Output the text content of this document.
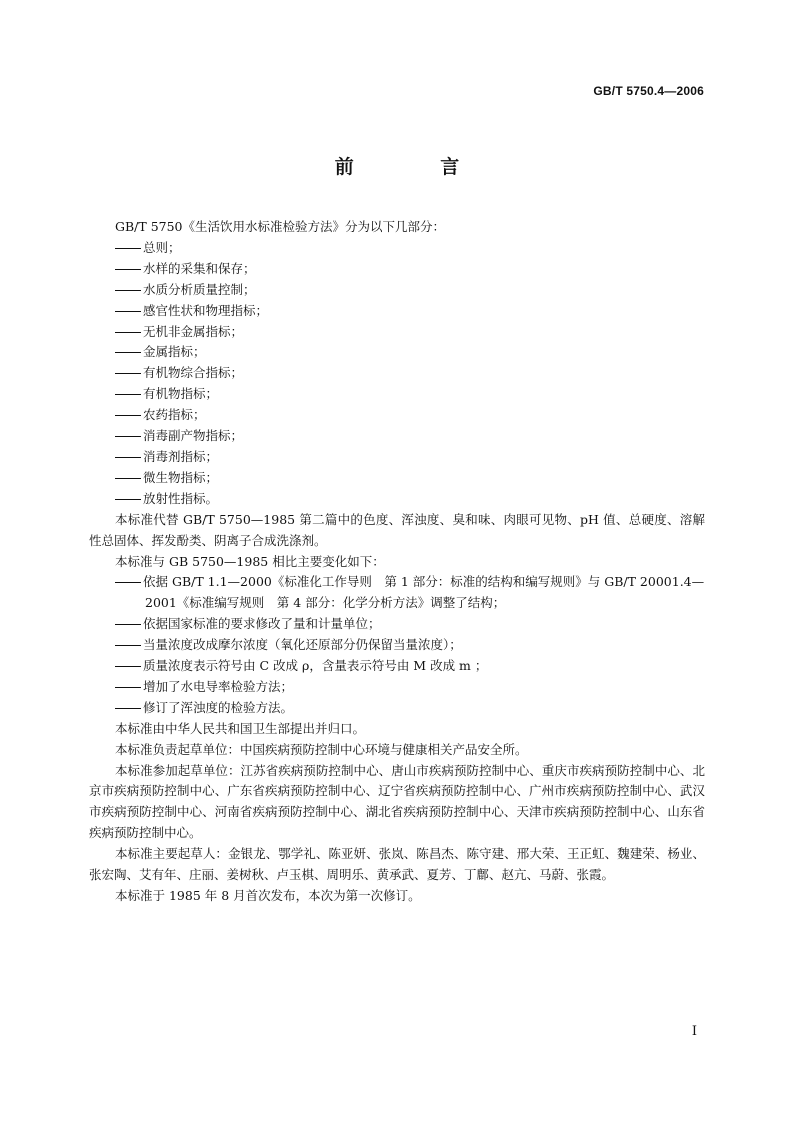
GB/T 5750.4—2006
前 言

GB/T 5750《生活饮用水标准检验方法》分为以下几部分：

总则；

水样的采集和保存；

水质分析质量控制；

感官性状和物理指标；

无机非金属指标；

金属指标；

有机物综合指标；

有机物指标；

农药指标；

消毒副产物指标；

消毒剂指标；

微生物指标；

放射性指标。

本标准代替 GB/T 5750—1985 第二篇中的色度、浑浊度、臭和味、肉眼可见物、pH 值、总硬度、溶解性总固体、挥发酚类、阴离子合成洗涤剂。

本标准与 GB 5750—1985 相比主要变化如下：

依据 GB/T 1.1—2000《标准化工作导则　第 1 部分：标准的结构和编写规则》与 GB/T 20001.4—2001《标准编写规则　第 4 部分：化学分析方法》调整了结构；

依据国家标准的要求修改了量和计量单位；

当量浓度改成摩尔浓度（氧化还原部分仍保留当量浓度）；

质量浓度表示符号由 C 改成 ρ，含量表示符号由 M 改成 m ；

增加了水电导率检验方法；

修订了浑浊度的检验方法。

本标准由中华人民共和国卫生部提出并归口。

本标准负责起草单位：中国疾病预防控制中心环境与健康相关产品安全所。

本标准参加起草单位：江苏省疾病预防控制中心、唐山市疾病预防控制中心、重庆市疾病预防控制中心、北京市疾病预防控制中心、广东省疾病预防控制中心、辽宁省疾病预防控制中心、广州市疾病预防控制中心、武汉市疾病预防控制中心、河南省疾病预防控制中心、湖北省疾病预防控制中心、天津市疾病预防控制中心、山东省疾病预防控制中心。

本标准主要起草人：金银龙、鄂学礼、陈亚妍、张岚、陈昌杰、陈守建、邢大荣、王正虹、魏建荣、杨业、张宏陶、艾有年、庄丽、姜树秋、卢玉棋、周明乐、黄承武、夏芳、丁鄜、赵亢、马蔚、张霞。

本标准于 1985 年 8 月首次发布，本次为第一次修订。

Ⅰ
